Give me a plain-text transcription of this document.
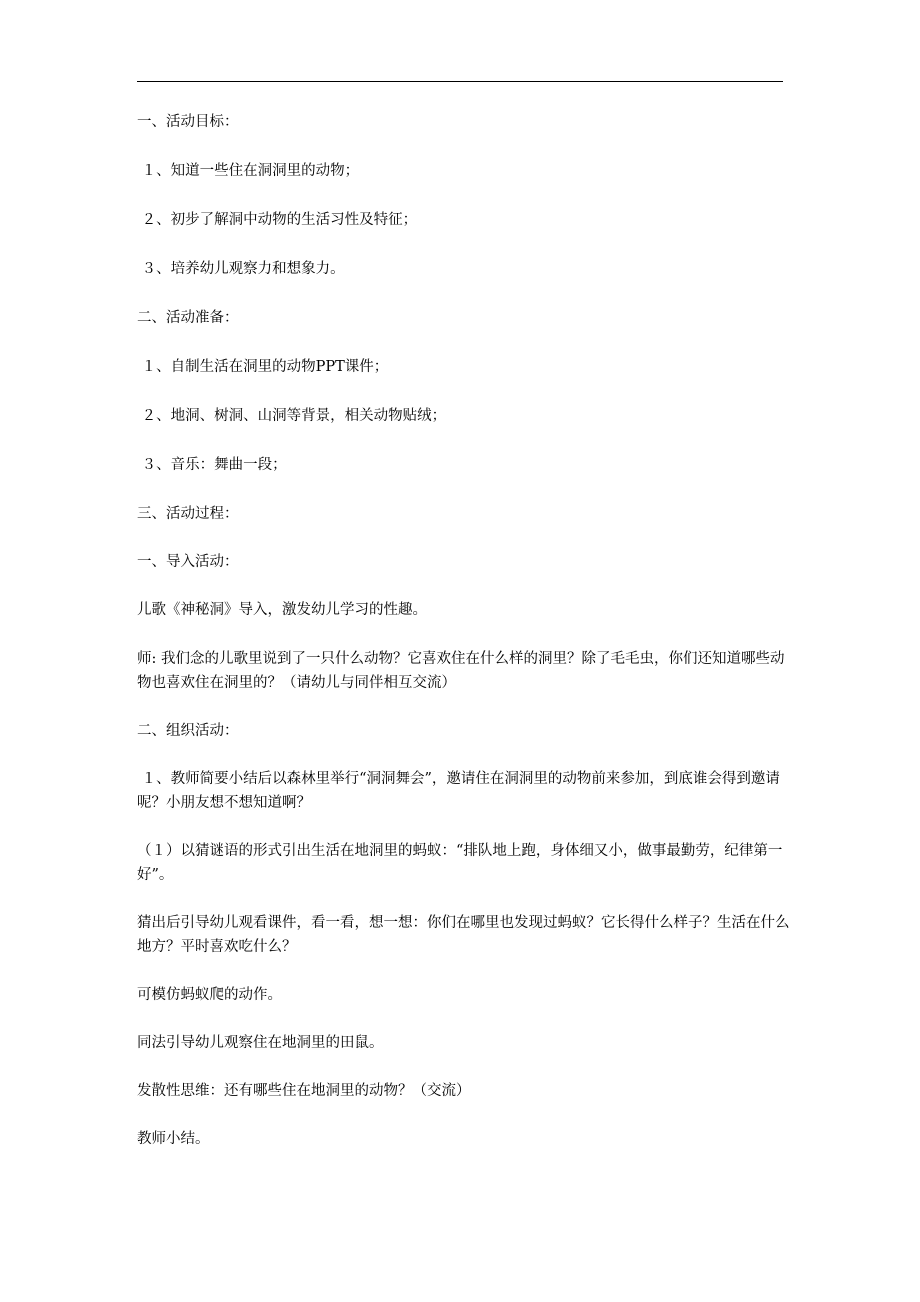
一、活动目标：

１、知道一些住在洞洞里的动物；

２、初步了解洞中动物的生活习性及特征；

３、培养幼儿观察力和想象力。

二、活动准备：

１、自制生活在洞里的动物PPT课件；

２、地洞、树洞、山洞等背景，相关动物贴绒；

３、音乐：舞曲一段；

三、活动过程：

一、导入活动：

儿歌《神秘洞》导入，激发幼儿学习的性趣。

师: 我们念的儿歌里说到了一只什么动物？它喜欢住在什么样的洞里？除了毛毛虫，你们还知道哪些动物也喜欢住在洞里的？（请幼儿与同伴相互交流）

二、组织活动：

１、教师简要小结后以森林里举行“洞洞舞会”，邀请住在洞洞里的动物前来参加，到底谁会得到邀请呢？小朋友想不想知道啊？

（１）以猜谜语的形式引出生活在地洞里的蚂蚁：“排队地上跑，身体细又小，做事最勤劳，纪律第一好”。

猜出后引导幼儿观看课件，看一看，想一想：你们在哪里也发现过蚂蚁？它长得什么样子？生活在什么地方？平时喜欢吃什么？

可模仿蚂蚁爬的动作。

同法引导幼儿观察住在地洞里的田鼠。

发散性思维：还有哪些住在地洞里的动物？（交流）

教师小结。
